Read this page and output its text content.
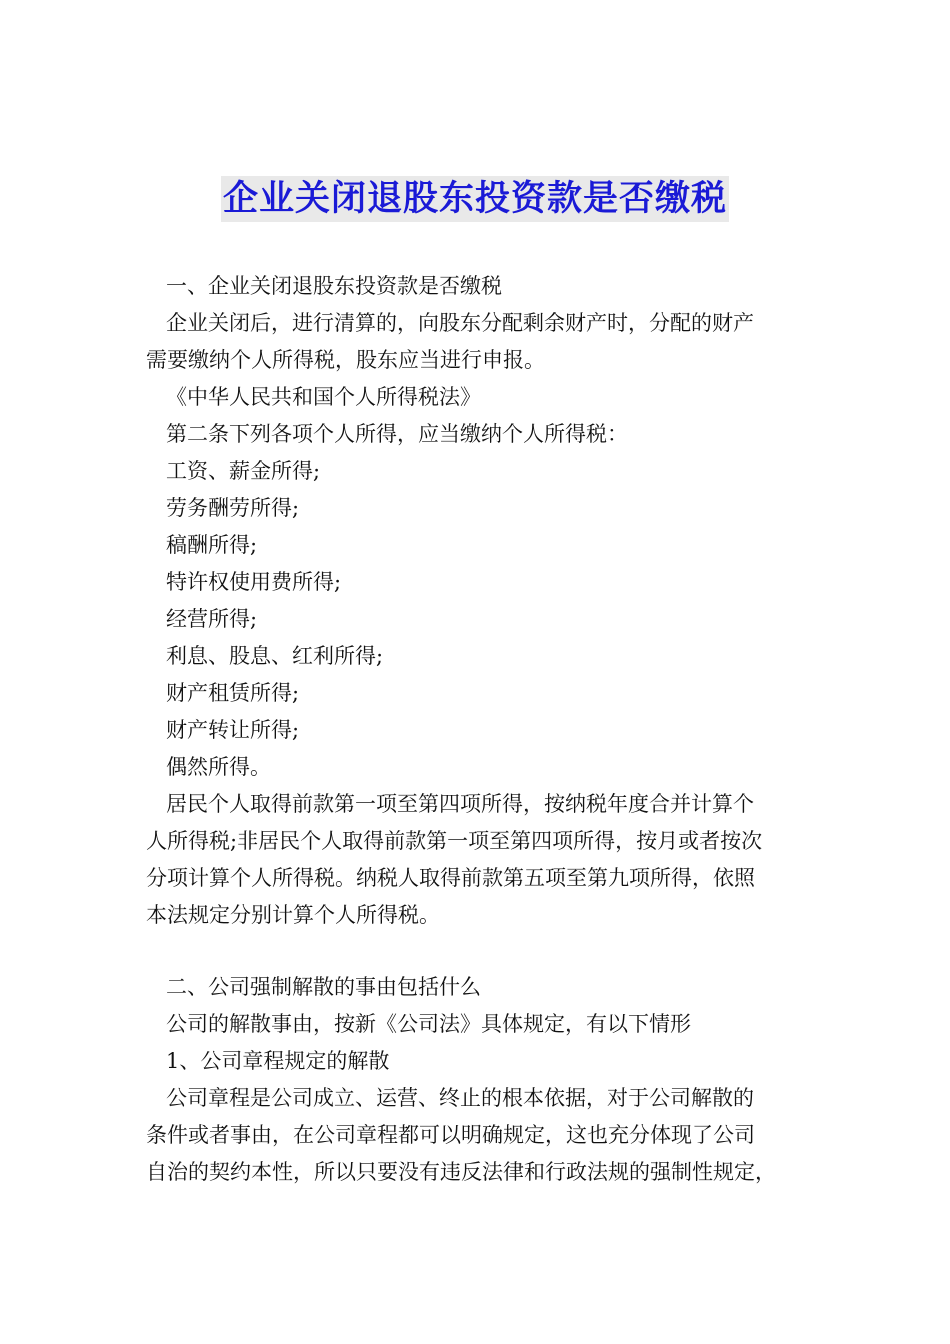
企业关闭退股东投资款是否缴税
一、企业关闭退股东投资款是否缴税
企业关闭后，进行清算的，向股东分配剩余财产时，分配的财产
需要缴纳个人所得税，股东应当进行申报。
《中华人民共和国个人所得税法》
第二条下列各项个人所得，应当缴纳个人所得税：
工资、薪金所得;
劳务酬劳所得;
稿酬所得;
特许权使用费所得;
经营所得;
利息、股息、红利所得;
财产租赁所得;
财产转让所得;
偶然所得。
居民个人取得前款第一项至第四项所得，按纳税年度合并计算个
人所得税;非居民个人取得前款第一项至第四项所得，按月或者按次
分项计算个人所得税。纳税人取得前款第五项至第九项所得，依照
本法规定分别计算个人所得税。
二、公司强制解散的事由包括什么
公司的解散事由，按新《公司法》具体规定，有以下情形
1、公司章程规定的解散
公司章程是公司成立、运营、终止的根本依据，对于公司解散的
条件或者事由，在公司章程都可以明确规定，这也充分体现了公司
自治的契约本性，所以只要没有违反法律和行政法规的强制性规定，
